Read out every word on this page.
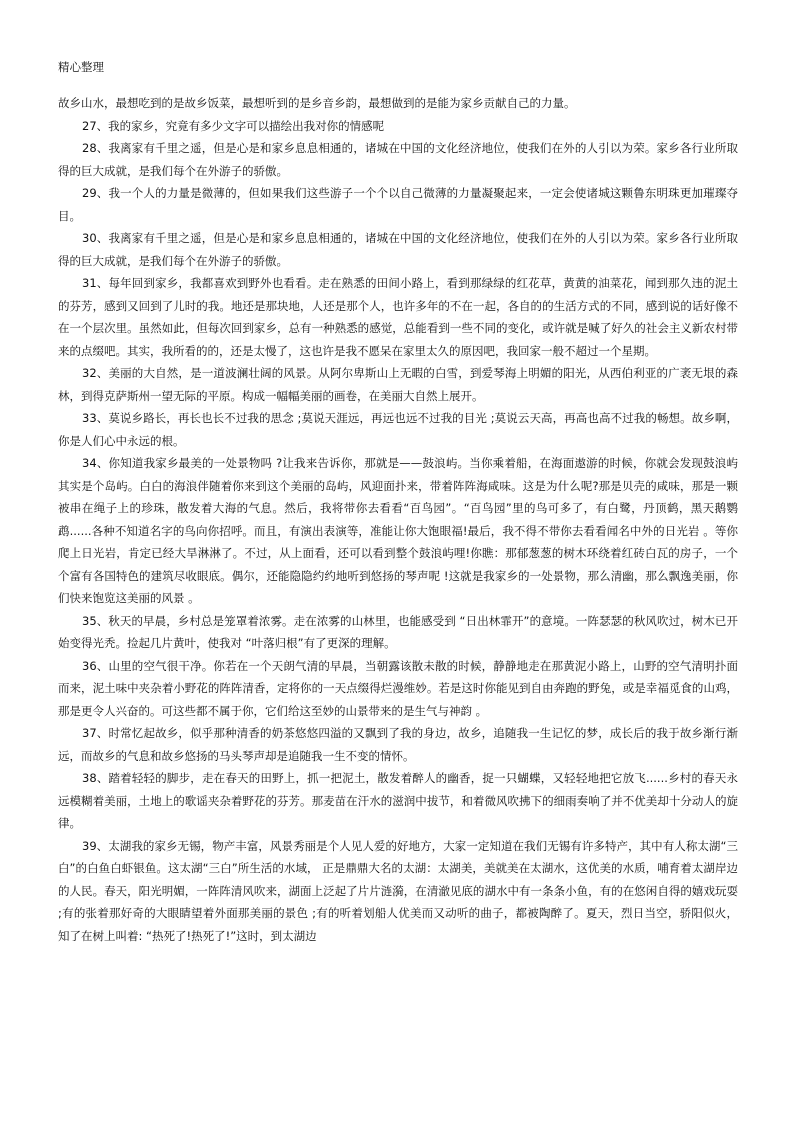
精心整理

故乡山水，最想吃到的是故乡饭菜，最想听到的是乡音乡韵，最想做到的是能为家乡贡献自己的力量。

27、我的家乡，究竟有多少文字可以描绘出我对你的情感呢

28、我离家有千里之遥，但是心是和家乡息息相通的，诸城在中国的文化经济地位，使我们在外的人引以为荣。家乡各行业所取得的巨大成就，是我们每个在外游子的骄傲。

29、我一个人的力量是微薄的，但如果我们这些游子一个个以自己微薄的力量凝聚起来，一定会使诸城这颗鲁东明珠更加璀璨夺目。

30、我离家有千里之遥，但是心是和家乡息息相通的，诸城在中国的文化经济地位，使我们在外的人引以为荣。家乡各行业所取得的巨大成就，是我们每个在外游子的骄傲。

31、每年回到家乡，我都喜欢到野外也看看。走在熟悉的田间小路上，看到那绿绿的红花草，黄黄的油菜花，闻到那久违的泥土的芬芳，感到又回到了儿时的我。地还是那块地，人还是那个人，也许多年的不在一起，各自的的生活方式的不同，感到说的话好像不在一个层次里。虽然如此，但每次回到家乡，总有一种熟悉的感觉，总能看到一些不同的变化，或许就是喊了好久的社会主义新农村带来的点缀吧。其实，我所看的的，还是太慢了，这也许是我不愿呆在家里太久的原因吧，我回家一般不超过一个星期。

32、美丽的大自然，是一道波澜壮阔的风景。从阿尔卑斯山上无暇的白雪，到爱琴海上明媚的阳光，从西伯利亚的广袤无垠的森林，到得克萨斯州一望无际的平原。构成一幅幅美丽的画卷，在美丽大自然上展开。

33、莫说乡路长，再长也长不过我的思念 ;莫说天涯远，再远也远不过我的目光 ;莫说云天高，再高也高不过我的畅想。故乡啊，你是人们心中永远的根。

34、你知道我家乡最美的一处景物吗 ?让我来告诉你，那就是——鼓浪屿。当你乘着船，在海面遨游的时候，你就会发现鼓浪屿其实是个岛屿。白白的海浪伴随着你来到这个美丽的岛屿，风迎面扑来，带着阵阵海咸味。这是为什么呢?那是贝壳的咸味，那是一颗被串在绳子上的珍珠，散发着大海的气息。然后，我将带你去看看“百鸟园”。“百鸟园”里的鸟可多了，有白鹭，丹顶鹤，黑天鹅鹦鹉......各种不知道名字的鸟向你招呼。而且，有演出表演等，准能让你大饱眼福!最后，我不得不带你去看看闻名中外的日光岩 。等你爬上日光岩，肯定已经大旱淋淋了。不过，从上面看，还可以看到整个鼓浪屿哩!你瞧：那郁葱葱的树木环绕着红砖白瓦的房子，一个个富有各国特色的建筑尽收眼底。偶尔，还能隐隐约约地听到悠扬的琴声呢 !这就是我家乡的一处景物，那么清幽，那么飘逸美丽，你们快来饱览这美丽的风景 。

35、秋天的早晨，乡村总是笼罩着浓雾。走在浓雾的山林里，也能感受到 “日出林霏开”的意境。一阵瑟瑟的秋风吹过，树木已开始变得光秃。捡起几片黄叶，使我对 “叶落归根”有了更深的理解。

36、山里的空气很干净。你若在一个天朗气清的早晨，当朝露该散未散的时候，静静地走在那黄泥小路上，山野的空气清明扑面而来，泥土味中夹杂着小野花的阵阵清香，定将你的一天点缀得烂漫维妙。若是这时你能见到自由奔跑的野兔，或是幸福觅食的山鸡，那是更令人兴奋的。可这些都不属于你，它们给这至妙的山景带来的是生气与神韵 。

37、时常忆起故乡，似乎那种清香的奶茶悠悠四溢的又飘到了我的身边，故乡，追随我一生记忆的梦，成长后的我于故乡渐行渐远，而故乡的气息和故乡悠扬的马头琴声却是追随我一生不变的情怀。

38、踏着轻轻的脚步，走在春天的田野上，抓一把泥土，散发着醉人的幽香，捉一只蝴蝶，又轻轻地把它放飞......乡村的春天永远模糊着美丽，土地上的歌谣夹杂着野花的芬芳。那麦苗在汗水的滋润中拔节，和着微风吹拂下的细雨奏响了并不优美却十分动人的旋律。

39、太湖我的家乡无锡，物产丰富，风景秀丽是个人见人爱的好地方，大家一定知道在我们无锡有许多特产，其中有人称太湖“三白”的白鱼白虾银鱼。这太湖“三白”所生活的水域， 正是鼎鼎大名的太湖：太湖美，美就美在太湖水，这优美的水质，哺育着太湖岸边的人民。春天，阳光明媚，一阵阵清风吹来，湖面上泛起了片片涟漪，在清澈见底的湖水中有一条条小鱼，有的在悠闲自得的嬉戏玩耍 ;有的张着那好奇的大眼睛望着外面那美丽的景色 ;有的听着划船人优美而又动听的曲子，都被陶醉了。夏天，烈日当空，骄阳似火， 知了在树上叫着: “热死了!热死了!”这时，到太湖边
